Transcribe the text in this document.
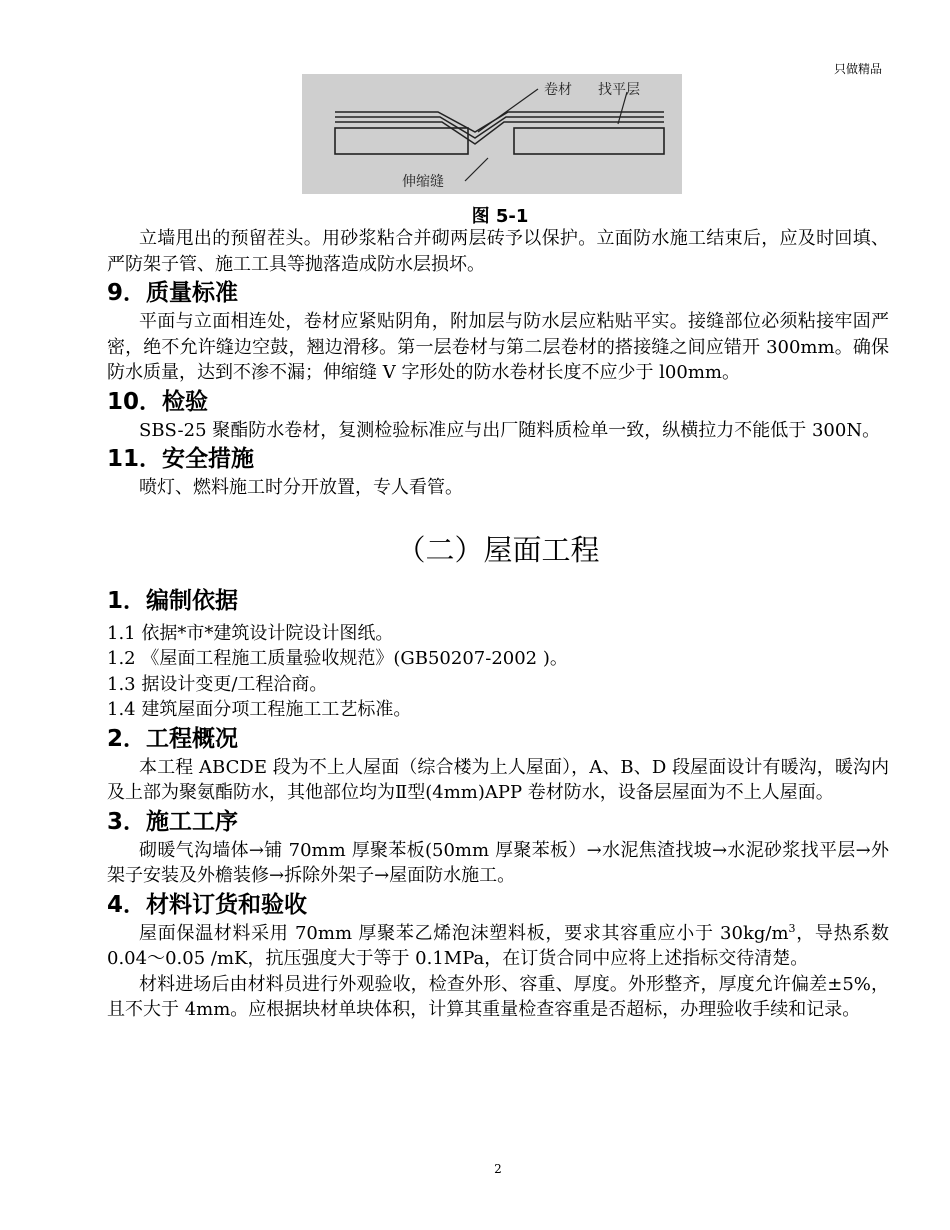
只做精品
卷材 找平层
伸缩缝
图 5-1

立墙甩出的预留茬头。用砂浆粘合并砌两层砖予以保护。立面防水施工结束后，应及时回填、严防架子管、施工工具等抛落造成防水层损坏。

9．质量标准

平面与立面相连处，卷材应紧贴阴角，附加层与防水层应粘贴平实。接缝部位必须粘接牢固严密，绝不允许缝边空鼓，翘边滑移。第一层卷材与第二层卷材的搭接缝之间应错开 300mm。确保防水质量，达到不渗不漏；伸缩缝 V 字形处的防水卷材长度不应少于 l00mm。

10．检验

SBS-25 聚酯防水卷材，复测检验标准应与出厂随料质检单一致，纵横拉力不能低于 300N。

11．安全措施

喷灯、燃料施工时分开放置，专人看管。

（二）屋面工程
1．编制依据

1.1 依据*市*建筑设计院设计图纸。

1.2 《屋面工程施工质量验收规范》(GB50207-2002 )。

1.3 据设计变更/工程洽商。

1.4 建筑屋面分项工程施工工艺标准。

2．工程概况

本工程 ABCDE 段为不上人屋面（综合楼为上人屋面），A、B、D 段屋面设计有暖沟，暖沟内及上部为聚氨酯防水，其他部位均为Ⅱ型(4mm)APP 卷材防水，设备层屋面为不上人屋面。

3．施工工序

砌暖气沟墙体→铺 70mm 厚聚苯板(50mm 厚聚苯板）→水泥焦渣找坡→水泥砂浆找平层→外架子安装及外檐装修→拆除外架子→屋面防水施工。

4．材料订货和验收

屋面保温材料采用 70mm 厚聚苯乙烯泡沫塑料板，要求其容重应小于 $30kg/m^3$，导热系数 0.04～0.05 /mK，抗压强度大于等于 0.1MPa，在订货合同中应将上述指标交待清楚。

材料进场后由材料员进行外观验收，检查外形、容重、厚度。外形整齐，厚度允许偏差±5%，且不大于 4mm。应根据块材单块体积，计算其重量检查容重是否超标，办理验收手续和记录。

2
